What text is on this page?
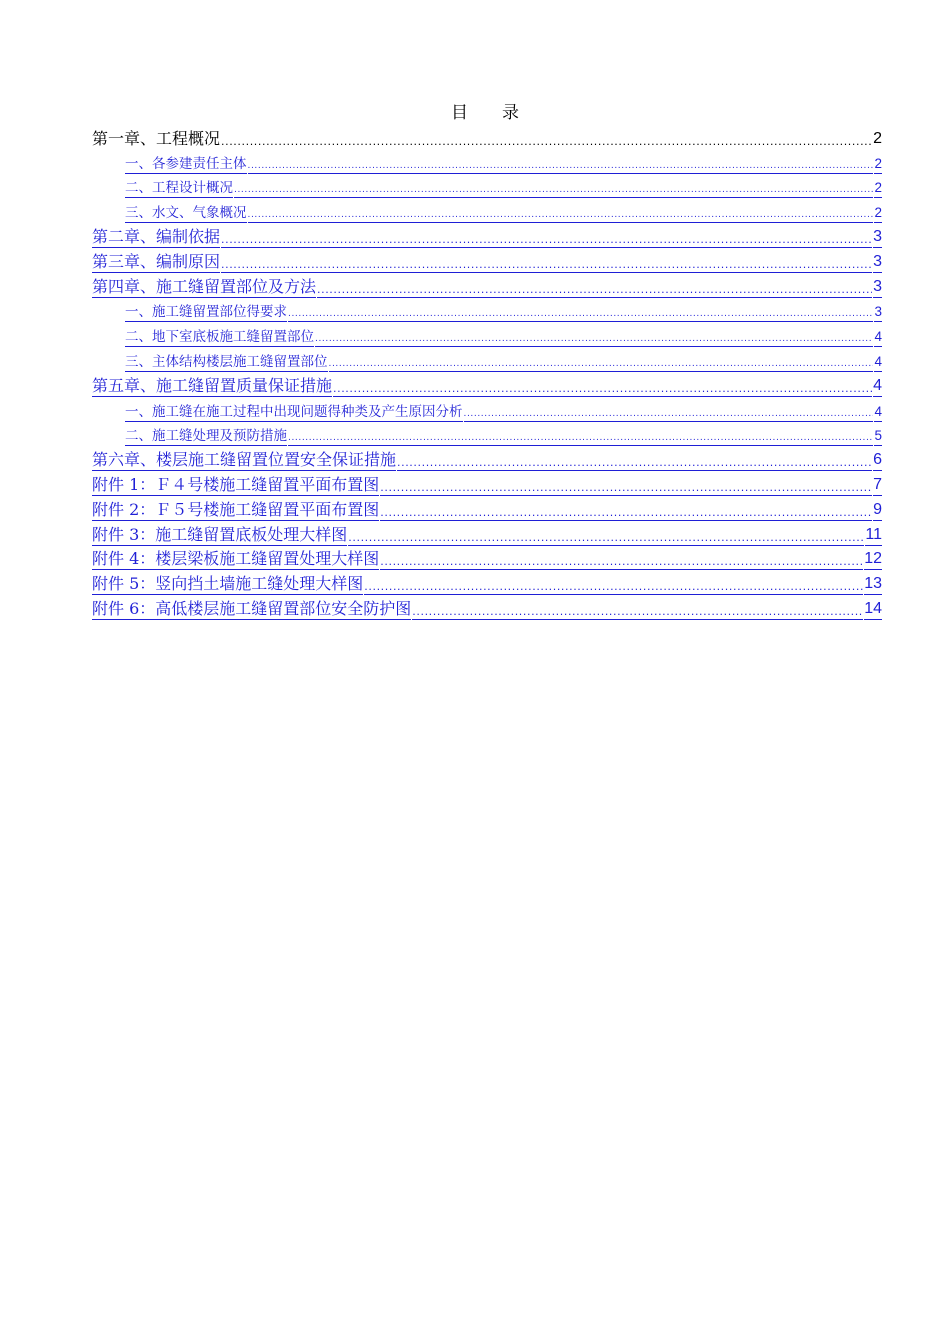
目 录
第一章、工程概况 .....	2
一、各参建责任主体 .....	2
二、工程设计概况 .....	2
三、水文、气象概况 .....	2
第二章、编制依据 .....	3
第三章、编制原因 .....	3
第四章、施工缝留置部位及方法 .....	3
一、施工缝留置部位得要求 .....	3
二、地下室底板施工缝留置部位 .....	4
三、主体结构楼层施工缝留置部位 .....	4
第五章、施工缝留置质量保证措施 .....	4
一、施工缝在施工过程中出现问题得种类及产生原因分析 .....	4
二、施工缝处理及预防措施 .....	5
第六章、楼层施工缝留置位置安全保证措施 .....	6
附件 1：Ｆ４号楼施工缝留置平面布置图 .....	7
附件 2：Ｆ５号楼施工缝留置平面布置图 .....	9
附件 3：施工缝留置底板处理大样图 .....	11
附件 4：楼层梁板施工缝留置处理大样图 .....	12
附件 5：竖向挡土墙施工缝处理大样图 .....	13
附件 6：高低楼层施工缝留置部位安全防护图 .....	14
